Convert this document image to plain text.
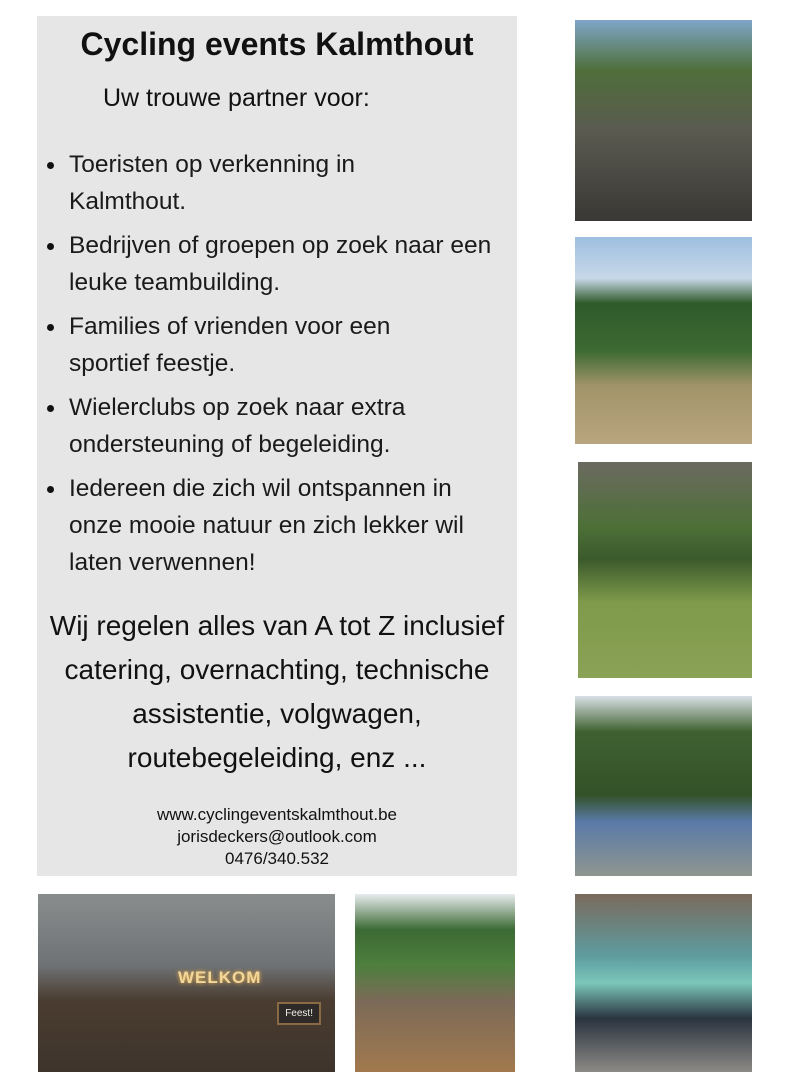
Cycling events Kalmthout
Uw trouwe partner voor:
Toeristen op verkenning in Kalmthout.
Bedrijven of groepen op zoek naar een leuke teambuilding.
Families of vrienden voor een sportief feestje.
Wielerclubs op zoek naar extra ondersteuning of begeleiding.
Iedereen die zich wil ontspannen in onze mooie natuur en zich lekker wil laten verwennen!
Wij regelen alles van A tot Z inclusief catering, overnachting, technische assistentie, volgwagen, routebegeleiding, enz ...
www.cyclingeventskalmthout.be
jorisdeckers@outlook.com
0476/340.532
WELKOM
Feest!
